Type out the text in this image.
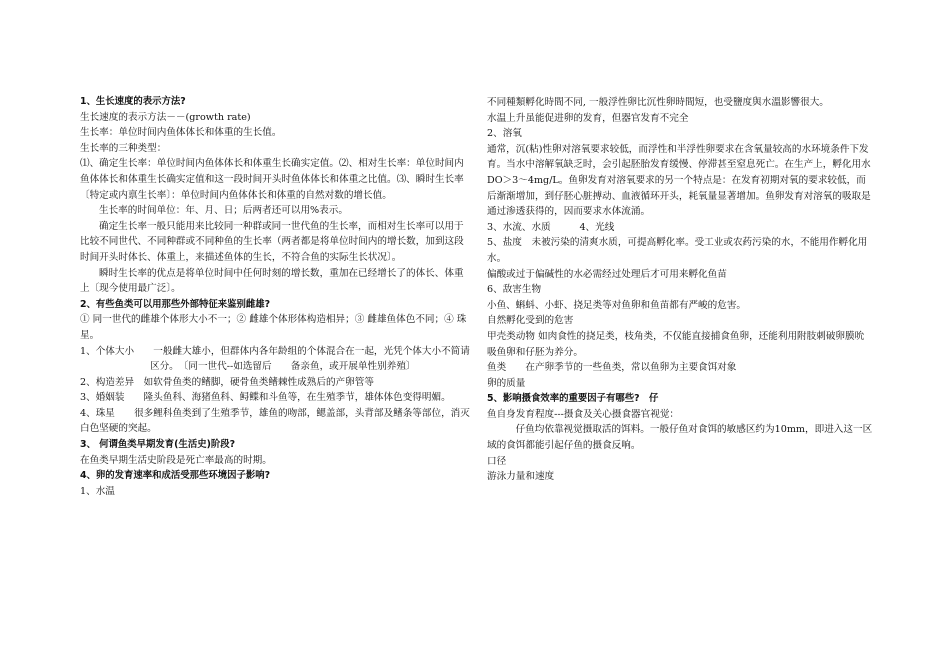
1、生长速度的表示方法?

生长速度的表示方法－－(growth rate)

生长率：单位时间内鱼体体长和体重的生长值。

生长率的三种类型：

⑴、确定生长率：单位时间内鱼体体长和体重生长确实定值。⑵、相对生长率：单位时间内鱼体体长和体重生长确实定值和这一段时间开头时鱼体体长和体重之比值。⑶、瞬时生长率〔特定或内禀生长率〕：单位时间内鱼体体长和体重的自然对数的增长值。

生长率的时间单位：年、月、日；后两者还可以用%表示。

确定生长率一般只能用来比较同一种群或同一世代鱼的生长率，而相对生长率可以用于比较不同世代、不同种群或不同种鱼的生长率（两者都是将单位时间内的增长数，加到这段时间开头时体长、体重上，来描述鱼体的生长，不符合鱼的实际生长状况〕。

瞬时生长率的优点是将单位时间中任何时刻的增长数，重加在已经增长了的体长、体重上〔现今使用最广泛〕。

2、有些鱼类可以用那些外部特征来鉴别雌雄?

① 同一世代的雌雄个体形大小不一；② 雌雄个体形体构造相异；③ 雌雄鱼体色不同；④ 珠星。

1、个体大小　　一般雌大雄小，但群体内各年龄组的个体混合在一起，光凭个体大小不简请区分。　〔同一世代--如选留后　　备亲鱼，或开展单性别养殖〕

2、构造差异　如软骨鱼类的鳍脚，硬骨鱼类鳍棘性成熟后的产卵管等

3、婚姻装　　隆头鱼科、海猪鱼科、鲟鲽和斗鱼等，在生殖季节，雄体体色变得明媚。

4、珠星　　很多鲤科鱼类到了生殖季节，雄鱼的吻部，鳃盖部，头背部及鳍条等部位，消灭白色坚硬的突起。

3、 何谓鱼类早期发育(生活史)阶段?

在鱼类早期生活史阶段是死亡率最高的时期。

4、卵的发育速率和成活受那些环境因子影响?

1、水温

不同種類孵化時間不同, 一般浮性卵比沉性卵時間短，也受鹽度與水溫影響很大。

水温上升虽能促进卵的发育，但器官发育不完全

2、溶氧

通常，沉(粘)性卵对溶氧要求较低，而浮性和半浮性卵要求在含氧量较高的水环境条件下发育。当水中溶解氧缺乏时，会引起胚胎发育缓慢、停滞甚至窒息死亡。在生产上，孵化用水　DO＞3～4mg/L。鱼卵发育对溶氧要求的另一个特点是：在发育初期对氧的要求较低，而后渐渐增加，到仔胚心脏搏动、血液循环开头，耗氧量显著增加。鱼卵发育对溶氧的吸取是通过渗透获得的，因而要求水体流涌。

3、水流、水质　　　4、光线

5、盐度　未被污染的清爽水质，可提高孵化率。受工业或农药污染的水，不能用作孵化用水。

偏酸或过于偏碱性的水必需经过处理后才可用来孵化鱼苗

6、敌害生物

小鱼、蝌蚪、小虾、挠足类等对鱼卵和鱼苗都有严峻的危害。

自然孵化受到的危害

甲壳类动物 如肉食性的挠足类，枝角类，不仅能直接捕食鱼卵，还能利用附肢刺破卵膜吮吸鱼卵和仔胚为养分。

鱼类　　在产卵季节的一些鱼类，常以鱼卵为主要食饵对象

卵的质量

5、影响摄食效率的重要因子有哪些?　仔

鱼自身发育程度---摄食及关心摄食器官视觉：

　仔鱼均依靠视觉摄取活的饵料。一般仔鱼对食饵的敏感区约为10mm，即进入这一区域的食饵都能引起仔鱼的摄食反响。

口径

游泳力量和速度
